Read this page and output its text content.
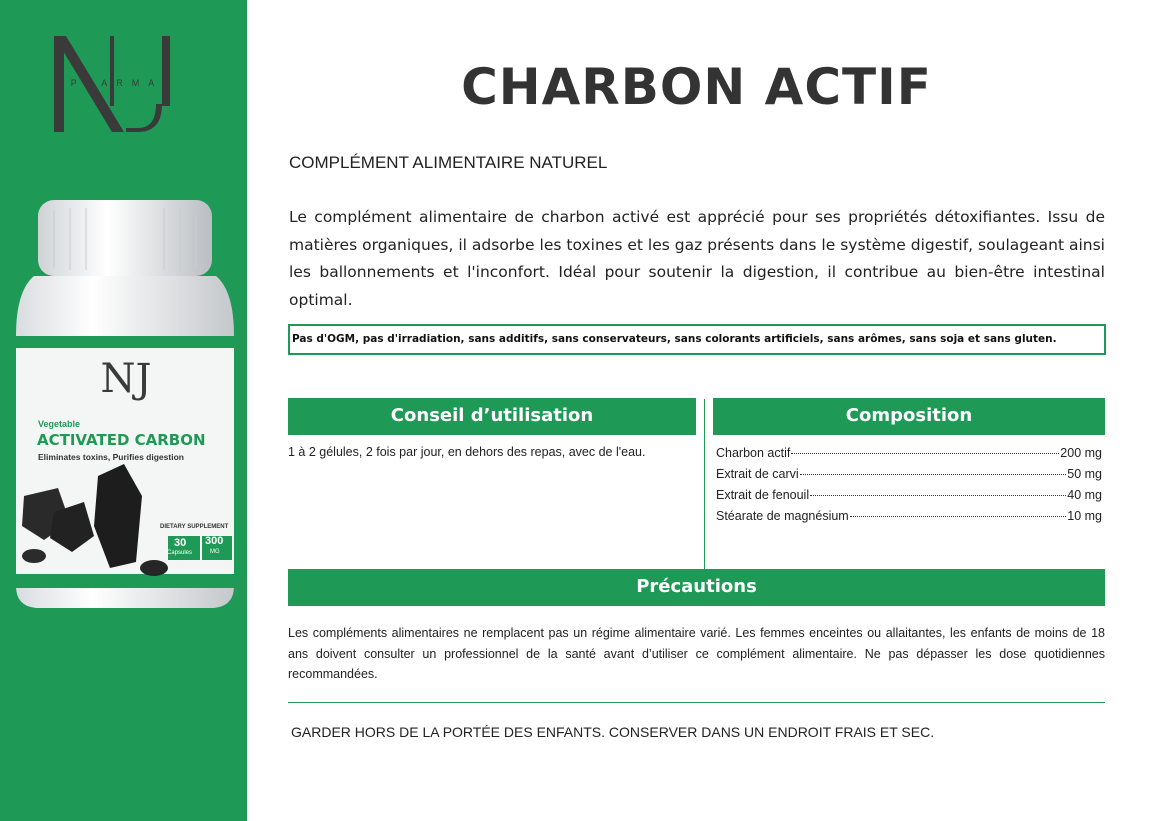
PHARMA
NJ
Vegetable
ACTIVATED CARBON
Eliminates toxins, Purifies digestion
DIETARY SUPPLEMENT
30
Capsules
300
MG
CHARBON ACTIF
COMPLÉMENT ALIMENTAIRE NATUREL
Le complément alimentaire de charbon activé est apprécié pour ses propriétés détoxifiantes. Issu de matières organiques, il adsorbe les toxines et les gaz présents dans le système digestif, soulageant ainsi les ballonnements et l'inconfort. Idéal pour soutenir la digestion, il contribue au bien-être intestinal optimal.
Pas d'OGM, pas d'irradiation, sans additifs, sans conservateurs, sans colorants artificiels, sans arômes, sans soja et sans gluten.
Conseil d’utilisation	Composition
1 à 2 gélules, 2 fois par jour, en dehors des repas, avec de l'eau.	Charbon actif	200 mg
Extrait de carvi	50 mg
Extrait de fenouil	40 mg
Stéarate de magnésium	10 mg
Précautions
Les compléments alimentaires ne remplacent pas un régime alimentaire varié. Les femmes enceintes ou allaitantes, les enfants de moins de 18 ans doivent consulter un professionnel de la santé avant d’utiliser ce complément alimentaire. Ne pas dépasser les dose quotidiennes recommandées.
GARDER HORS DE LA PORTÉE DES ENFANTS. CONSERVER DANS UN ENDROIT FRAIS ET SEC.
